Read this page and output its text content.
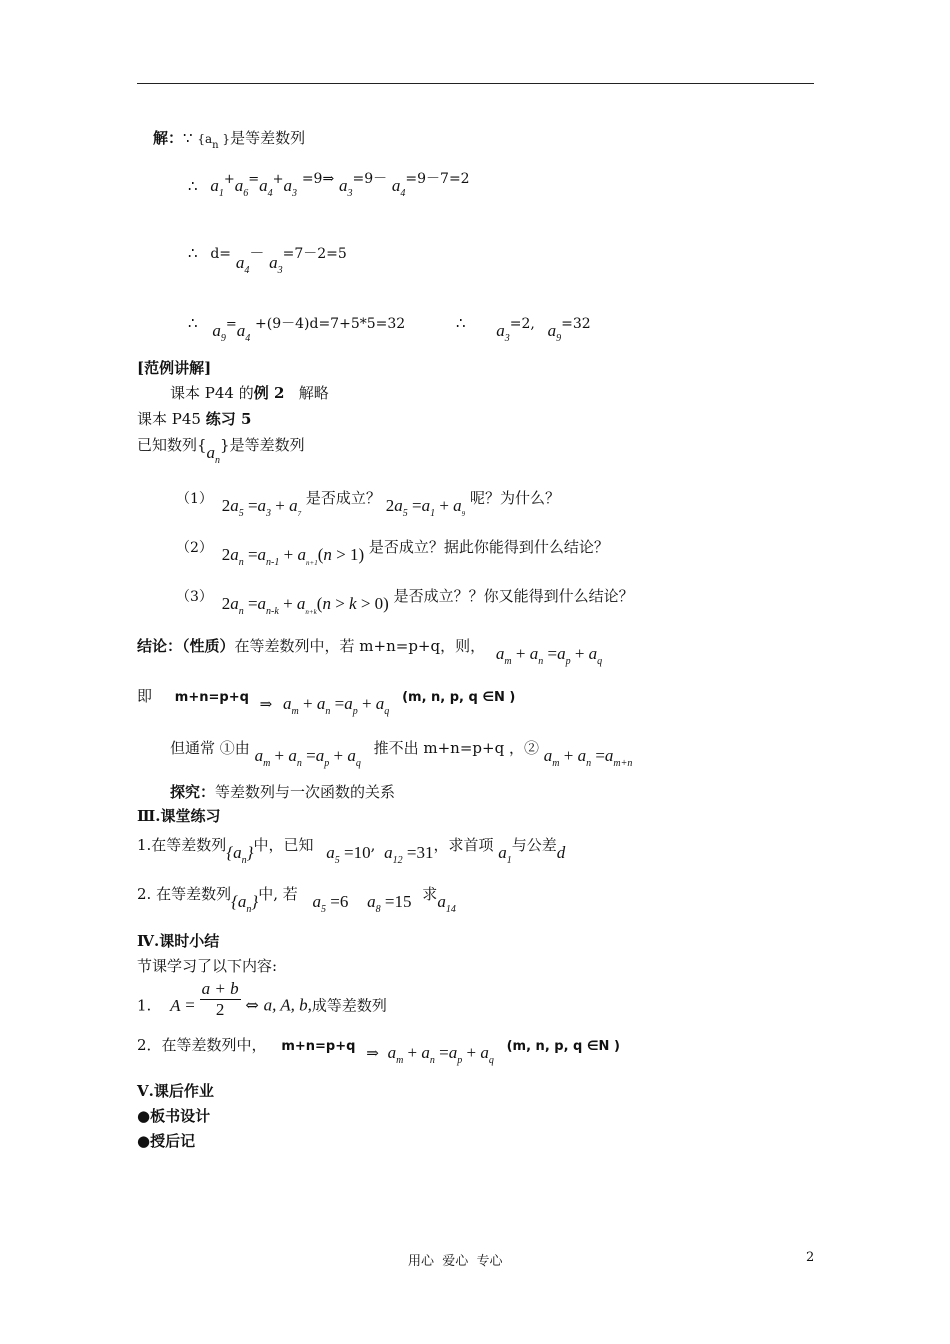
解：∵ {$a_n$ }是等差数列
∴ $a_1+a_6=a_4+a_3$ =9⇒ $a_3=9- a_4=9-7=2$
∴ $d= a_4- a_3=7-2=5$
∴ $a_9=a_4 +(9-4)d=7+5*5=32$	∴ $a_3=2$, $a_9=32$
[范例讲解]
课本 P44 的例 2 解略
课本 P45 练习 5
已知数列$\{a_n\}$是等差数列
（1） $2a_5 =a_3 + a_7$ 是否成立？ $2a_5 =a_1 + a_9$ 呢？为什么？
（2） $2a_n =a_{n-1} + a_{n+1}(n > 1)$ 是否成立？据此你能得到什么结论？
（3） $2a_n =a_{n-k} + a_{n+k}(n > k > 0)$ 是否成立？？你又能得到什么结论？
结论：（性质）在等差数列中，若 m+n=p+q，则， $a_m + a_n =a_p + a_q$
即 m+n=p+q ⇒ $a_m + a_n =a_p + a_q$ (m, n, p, q ∈N )
但通常 ①由 $a_m + a_n =a_p + a_q$ 推不出 m+n=p+q ，② $a_m + a_n =a_{m+n}$
探究：等差数列与一次函数的关系
Ⅲ.课堂练习
1.在等差数列$\{a_n\}$中，已知 $a_5 =10$, $a_{12} =31$，求首项 $a_1$与公差d
2. 在等差数列$\{a_n\}$中, 若 $a_5 =6$ $a_8 =15$ 求$a_{14}$
Ⅳ.课时小结
节课学习了以下内容:
1. $A = \frac{a + b}{2}$ ⇔ a, A, b,成等差数列
2．在等差数列中， m+n=p+q ⇒ $a_m + a_n =a_p + a_q$ (m, n, p, q ∈N )
Ⅴ.课后作业
●板书设计
●授后记
用心  爱心  专心	2
